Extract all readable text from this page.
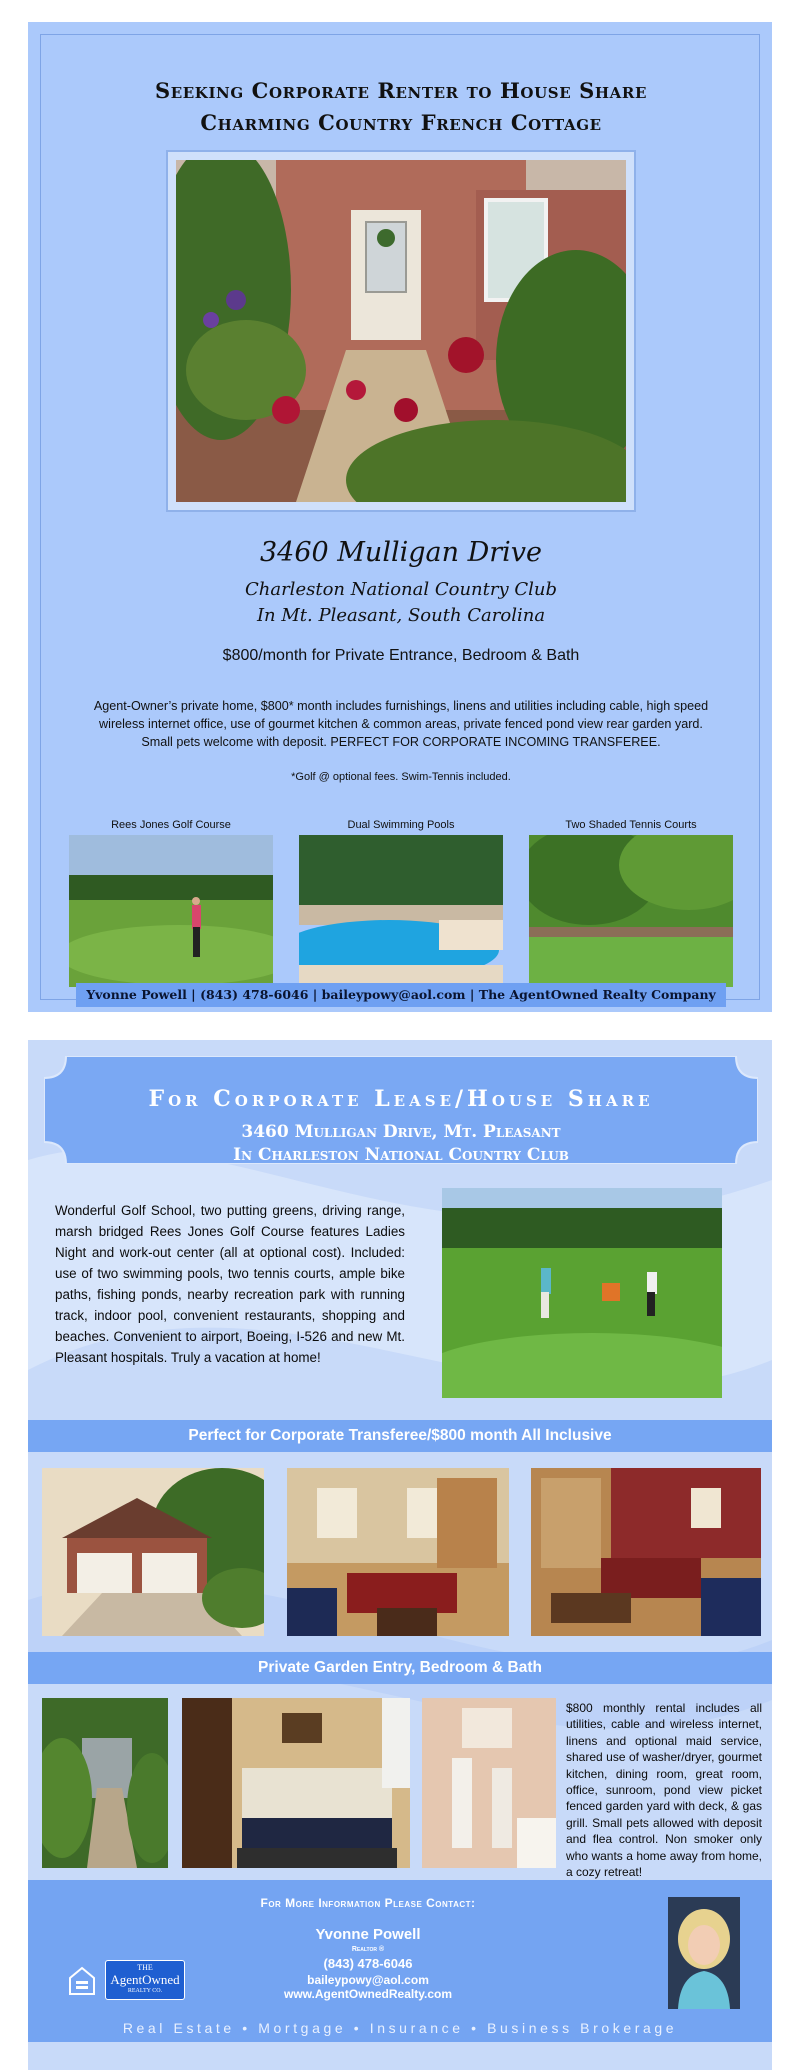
Seeking Corporate Renter to House Share
Charming Country French Cottage
3460 Mulligan Drive
Charleston National Country Club
In Mt. Pleasant, South Carolina
$800/month for Private Entrance, Bedroom & Bath
Agent-Owner’s private home, $800* month includes furnishings, linens and utilities including cable, high speed wireless internet office, use of gourmet kitchen & common areas, private fenced pond view rear garden yard. Small pets welcome with deposit. PERFECT FOR CORPORATE INCOMING TRANSFEREE.
*Golf @ optional fees. Swim-Tennis included.
Rees Jones Golf Course	Dual Swimming Pools	Two Shaded Tennis Courts
Yvonne Powell | (843) 478-6046 | baileypowy@aol.com | The AgentOwned Realty Company
For Corporate Lease/House Share
3460 Mulligan Drive, Mt. Pleasant
In Charleston National Country Club
Wonderful Golf School, two putting greens, driving range, marsh bridged Rees Jones Golf Course features Ladies Night and work-out center (all at optional cost). Included: use of two swimming pools, two tennis courts, ample bike paths, fishing ponds, nearby recreation park with running track, indoor pool, convenient restaurants, shopping and beaches. Convenient to airport, Boeing, I-526 and new Mt. Pleasant hospitals. Truly a vacation at home!
Perfect for Corporate Transferee/$800 month All Inclusive
Private Garden Entry, Bedroom & Bath
$800 monthly rental includes all utilities, cable and wireless internet, linens and optional maid service, shared use of washer/dryer, gourmet kitchen, dining room, great room, office, sunroom, pond view picket fenced garden yard with deck, & gas grill. Small pets allowed with deposit and flea control. Non smoker only who wants a home away from home, a cozy retreat!
For More Information Please Contact:
Yvonne Powell
Realtor ®
(843) 478-6046
baileypowy@aol.com
www.AgentOwnedRealty.com
THE
AgentOwned
REALTY CO.
Real Estate • Mortgage • Insurance • Business Brokerage
